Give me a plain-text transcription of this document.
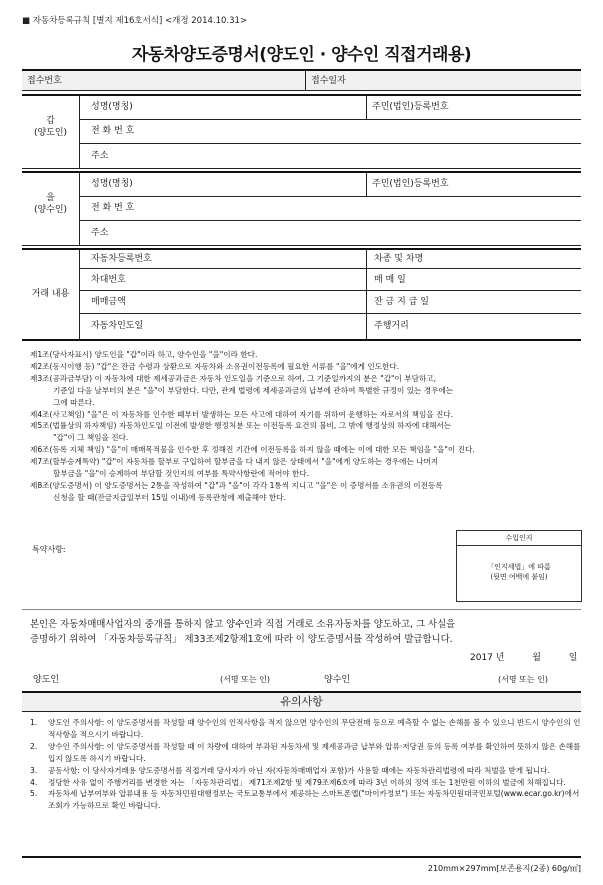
■ 자동차등록규칙 [별지 제16호서식] <개정 2014.10.31>
자동차양도증명서(양도인 · 양수인 직접거래용)
접수번호	접수일자
갑
(양도인)
성명(명칭)	주민(법인)등록번호
전 화 번 호
주소
을
(양수인)
성명(명칭)	주민(법인)등록번호
전 화 번 호
주소
거래 내용
자동차등록번호	차종 및 차명
차대번호	매 매 일
매매금액	잔 금 지 급 일
자동차인도일	주행거리

제1조(당사자표시) 양도인을 "갑"이라 하고, 양수인을 "을"이라 한다.

제2조(동시이행 등) "갑"은 잔금 수령과 상환으로 자동차와 소유권이전등록에 필요한 서류를 "을"에게 인도한다.

제3조(공과금부담) 이 자동차에 대한 제세공과금은 자동차 인도일을 기준으로 하여, 그 기준일까지의 분은 "갑"이 부담하고,

기준일 다음 날부터의 분은 "을"이 부담한다. 다만, 관계 법령에 제세공과금의 납부에 관하여 특별한 규정이 있는 경우에는

그에 따른다.

제4조(사고책임) "을"은 이 자동차를 인수한 때부터 발생하는 모든 사고에 대하여 자기를 위하여 운행하는 자로서의 책임을 진다.

제5조(법률상의 하자책임) 자동차인도일 이전에 발생한 행정처분 또는 이전등록 요건의 불비, 그 밖에 행정상의 하자에 대해서는

"갑"이 그 책임을 진다.

제6조(등록 지체 책임) "을"이 매매목적물을 인수한 후 정해진 기간에 이전등록을 하지 않을 때에는 이에 대한 모든 책임을 "을"이 진다.

제7조(할부승계특약) "갑"이 자동차를 할부로 구입하여 할부금을 다 내지 않은 상태에서 "을"에게 양도하는 경우에는 나머지

할부금을 "을"이 승계하여 부담할 것인지의 여부를 특약사항란에 적어야 한다.

제8조(양도증명서) 이 양도증명서는 2통을 작성하여 "갑"과 "을"이 각각 1통씩 지니고 "을"은 이 증명서를 소유권의 이전등록

신청을 할 때(잔금지급일부터 15일 이내)에 등록관청에 제출해야 한다.

특약사항:
수입인지
「인지세법」에 따름
(뒷면 여백에 붙임)
본인은 자동차매매사업자의 중개를 통하지 않고 양수인과 직접 거래로 소유자동차를 양도하고, 그 사실을
증명하기 위하여 「자동차등록규칙」 제33조제2항제1호에 따라 이 양도증명서를 작성하여 발급합니다.
2017 년	월	일
양도인	(서명 또는 인)	양수인	(서명 또는 인)
유의사항
1.	양도인 주의사항: 이 양도증명서를 작성할 때 양수인의 인적사항을 적지 않으면 양수인의 무단전매 등으로 예측할 수 없는 손해를 볼 수 있으니 반드시 양수인의 인적사항을 적으시기 바랍니다.
2.	양수인 주의사항: 이 양도증명서를 작성할 때 이 차량에 대하여 부과된 자동차세 및 제세공과금 납부와 압류·저당권 등의 등록 여부를 확인하여 뜻하지 않은 손해를 입지 않도록 하시기 바랍니다.
3.	공동사항: 이 당사자거래용 양도증명서를 직접거래 당사자가 아닌 자(자동차매매업자 포함)가 사용할 때에는 자동차관리법령에 따라 처벌을 받게 됩니다.
4.	정당한 사유 없이 주행거리를 변경한 자는 「자동차관리법」 제71조제2항 및 제79조제6호에 따라 3년 이하의 징역 또는 1천만원 이하의 벌금에 처해집니다.
5.	자동차세 납부여부와 압류내용 등 자동차민원대행정보는 국토교통부에서 제공하는 스마트폰앱("마이카정보") 또는 자동차민원대국민포털(www.ecar.go.kr)에서 조회가 가능하므로 확인 바랍니다.
210mm×297mm[보존용지(2종) 60g/㎡]
